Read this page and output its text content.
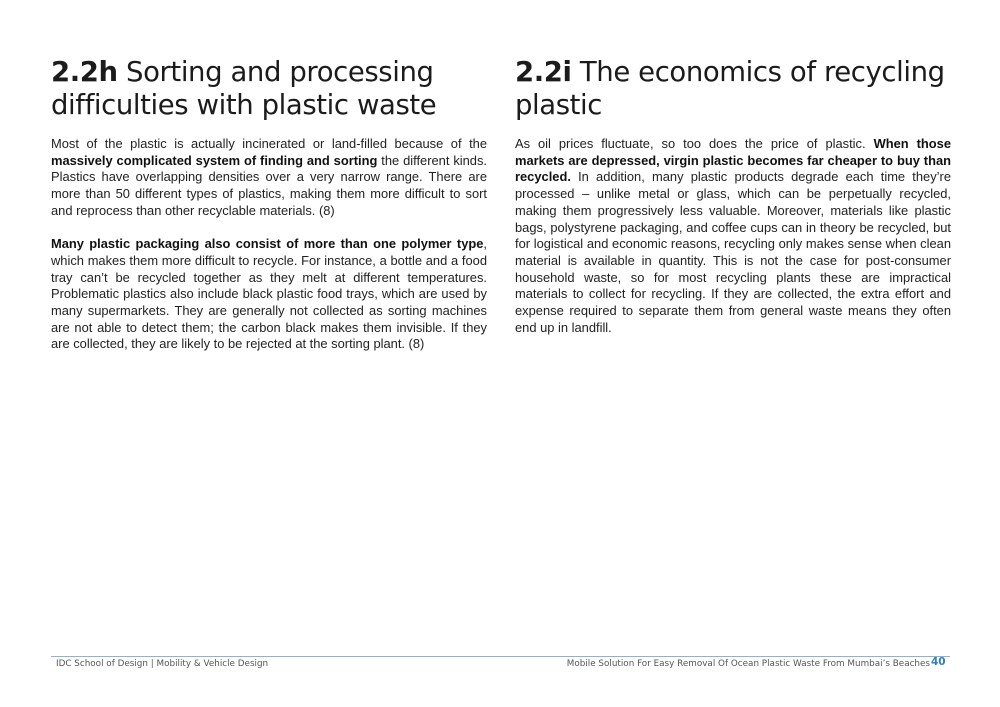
2.2h Sorting and processing difficulties with plastic waste

Most of the plastic is actually incinerated or land-filled because of the massively complicated system of finding and sorting the different kinds. Plastics have overlapping densities over a very narrow range. There are more than 50 different types of plastics, making them more difficult to sort and reprocess than other recyclable materials. (8)

Many plastic packaging also consist of more than one polymer type, which makes them more difficult to recycle. For instance, a bottle and a food tray can’t be recycled together as they melt at different temperatures. Problematic plastics also include black plastic food trays, which are used by many supermarkets. They are generally not collected as sorting machines are not able to detect them; the carbon black makes them invisible. If they are collected, they are likely to be rejected at the sorting plant. (8)

2.2i The economics of recycling plastic

As oil prices fluctuate, so too does the price of plastic. When those markets are depressed, virgin plastic becomes far cheaper to buy than recycled. In addition, many plastic products degrade each time they’re processed – unlike metal or glass, which can be perpetually recycled, making them progressively less valuable. Moreover, materials like plastic bags, polystyrene packaging, and coffee cups can in theory be recycled, but for logistical and economic reasons, recycling only makes sense when clean material is available in quantity. This is not the case for post-consumer household waste, so for most recycling plants these are impractical materials to collect for recycling. If they are collected, the extra effort and expense required to separate them from general waste means they often end up in landfill.

IDC School of Design | Mobility & Vehicle Design	Mobile Solution For Easy Removal Of Ocean Plastic Waste From Mumbai’s Beaches 40
